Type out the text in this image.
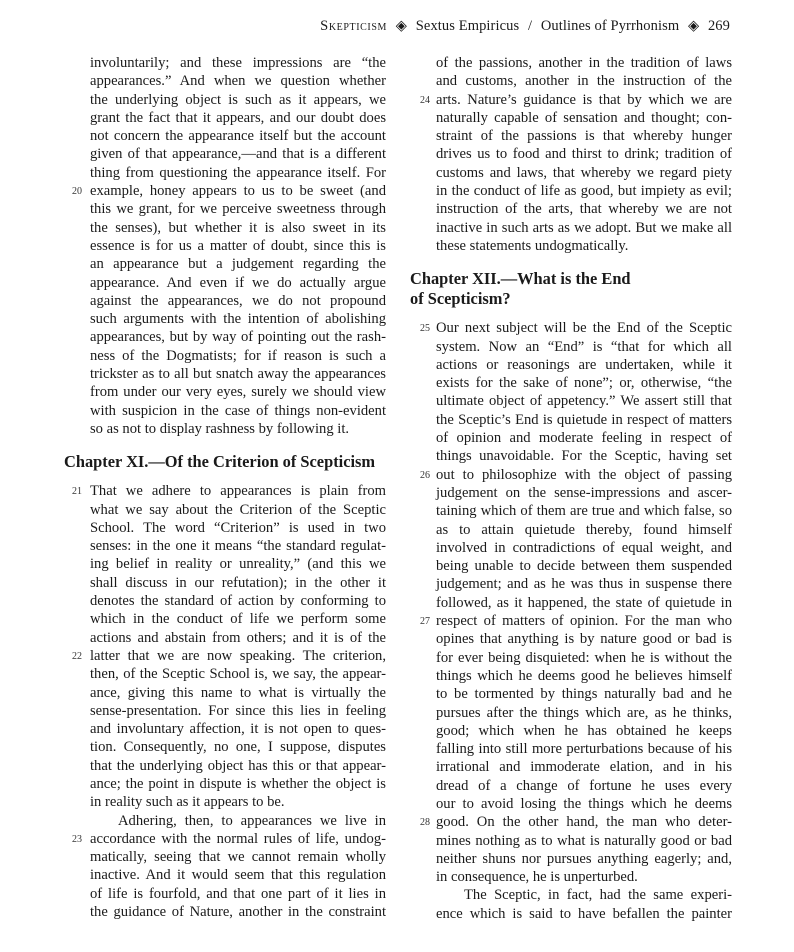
Skepticism ◈ Sextus Empiricus / Outlines of Pyrrhonism ◈ 269
involuntarily; and these impressions are “the
appearances.” And when we question whether
the underlying object is such as it appears, we
grant the fact that it appears, and our doubt does
not concern the appearance itself but the account
given of that appearance,—and that is a different
thing from questioning the appearance itself. For
20 example, honey appears to us to be sweet (and
this we grant, for we perceive sweetness through
the senses), but whether it is also sweet in its
essence is for us a matter of doubt, since this is
an appearance but a judgement regarding the
appearance. And even if we do actually argue
against the appearances, we do not propound
such arguments with the intention of abolishing
appearances, but by way of pointing out the rash-
ness of the Dogmatists; for if reason is such a
trickster as to all but snatch away the appearances
from under our very eyes, surely we should view
with suspicion in the case of things non-evident
so as not to display rashness by following it.
Chapter XI.—Of the Criterion of Scepticism
21 That we adhere to appearances is plain from
what we say about the Criterion of the Sceptic
School. The word “Criterion” is used in two
senses: in the one it means “the standard regulat-
ing belief in reality or unreality,” (and this we
shall discuss in our refutation); in the other it
denotes the standard of action by conforming to
which in the conduct of life we perform some
actions and abstain from others; and it is of the
22 latter that we are now speaking. The criterion,
then, of the Sceptic School is, we say, the appear-
ance, giving this name to what is virtually the
sense-presentation. For since this lies in feeling
and involuntary affection, it is not open to ques-
tion. Consequently, no one, I suppose, disputes
that the underlying object has this or that appear-
ance; the point in dispute is whether the object is
in reality such as it appears to be.
Adhering, then, to appearances we live in
23 accordance with the normal rules of life, undog-
matically, seeing that we cannot remain wholly
inactive. And it would seem that this regulation
of life is fourfold, and that one part of it lies in
the guidance of Nature, another in the constraint
of the passions, another in the tradition of laws
and customs, another in the instruction of the
24 arts. Nature’s guidance is that by which we are
naturally capable of sensation and thought; con-
straint of the passions is that whereby hunger
drives us to food and thirst to drink; tradition of
customs and laws, that whereby we regard piety
in the conduct of life as good, but impiety as evil;
instruction of the arts, that whereby we are not
inactive in such arts as we adopt. But we make all
these statements undogmatically.
Chapter XII.—What is the End
of Scepticism?
25 Our next subject will be the End of the Sceptic
system. Now an “End” is “that for which all
actions or reasonings are undertaken, while it
exists for the sake of none”; or, otherwise, “the
ultimate object of appetency.” We assert still that
the Sceptic’s End is quietude in respect of matters
of opinion and moderate feeling in respect of
things unavoidable. For the Sceptic, having set
26 out to philosophize with the object of passing
judgement on the sense-impressions and ascer-
taining which of them are true and which false, so
as to attain quietude thereby, found himself
involved in contradictions of equal weight, and
being unable to decide between them suspended
judgement; and as he was thus in suspense there
followed, as it happened, the state of quietude in
27 respect of matters of opinion. For the man who
opines that anything is by nature good or bad is
for ever being disquieted: when he is without the
things which he deems good he believes himself
to be tormented by things naturally bad and he
pursues after the things which are, as he thinks,
good; which when he has obtained he keeps
falling into still more perturbations because of his
irrational and immoderate elation, and in his
dread of a change of fortune he uses every
our to avoid losing the things which he deems
28 good. On the other hand, the man who deter-
mines nothing as to what is naturally good or bad
neither shuns nor pursues anything eagerly; and,
in consequence, he is unperturbed.
The Sceptic, in fact, had the same experi-
ence which is said to have befallen the painter
